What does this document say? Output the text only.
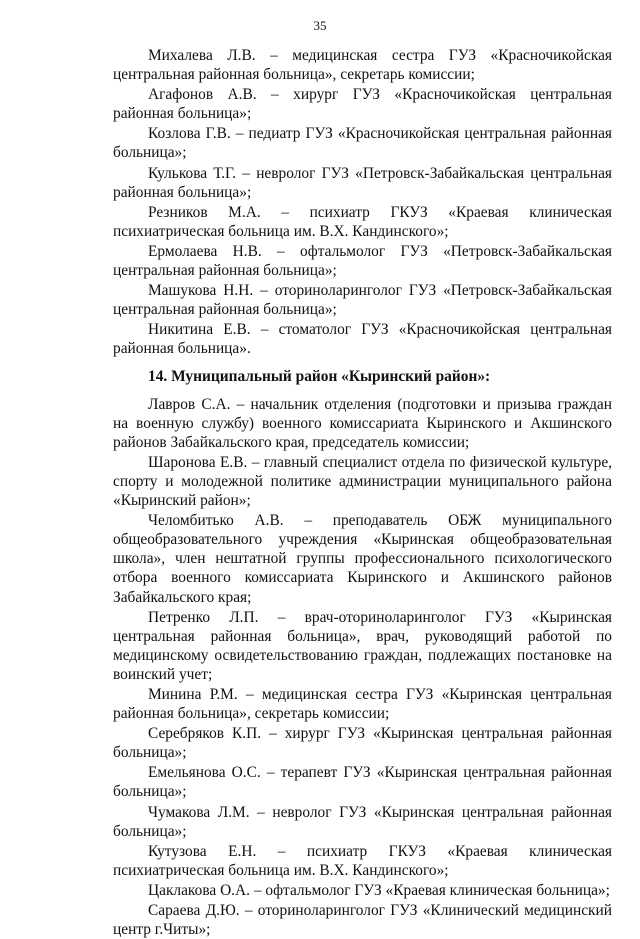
35

Михалева Л.В. – медицинская сестра ГУЗ «Красночикойская центральная районная больница», секретарь комиссии;

Агафонов А.В. – хирург ГУЗ «Красночикойская центральная районная больница»;

Козлова Г.В. – педиатр ГУЗ «Красночикойская центральная районная больница»;

Кулькова Т.Г. – невролог ГУЗ «Петровск-Забайкальская центральная районная больница»;

Резников М.А. – психиатр ГКУЗ «Краевая клиническая психиатрическая больница им. В.Х. Кандинского»;

Ермолаева Н.В. – офтальмолог ГУЗ «Петровск-Забайкальская центральная районная больница»;

Машукова Н.Н. – оториноларинголог ГУЗ «Петровск-Забайкальская центральная районная больница»;

Никитина Е.В. – стоматолог ГУЗ «Красночикойская центральная районная больница».

14. Муниципальный район «Кыринский район»:

Лавров С.А. – начальник отделения (подготовки и призыва граждан на военную службу) военного комиссариата Кыринского и Акшинского районов Забайкальского края, председатель комиссии;

Шаронова Е.В. – главный специалист отдела по физической культуре, спорту и молодежной политике администрации муниципального района «Кыринский район»;

Челомбитько А.В. – преподаватель ОБЖ муниципального общеобразовательного учреждения «Кыринская общеобразовательная школа», член нештатной группы профессионального психологического отбора военного комиссариата Кыринского и Акшинского районов Забайкальского края;

Петренко Л.П. – врач-оториноларинголог ГУЗ «Кыринская центральная районная больница», врач, руководящий работой по медицинскому освидетельствованию граждан, подлежащих постановке на воинский учет;

Минина Р.М. – медицинская сестра ГУЗ «Кыринская центральная районная больница», секретарь комиссии;

Серебряков К.П. – хирург ГУЗ «Кыринская центральная районная больница»;

Емельянова О.С. – терапевт ГУЗ «Кыринская центральная районная больница»;

Чумакова Л.М. – невролог ГУЗ «Кыринская центральная районная больница»;

Кутузова Е.Н. – психиатр ГКУЗ «Краевая клиническая психиатрическая больница им. В.Х. Кандинского»;

Цаклакова О.А. – офтальмолог ГУЗ «Краевая клиническая больница»;

Сараева Д.Ю. – оториноларинголог ГУЗ «Клинический медицинский центр г.Читы»;
